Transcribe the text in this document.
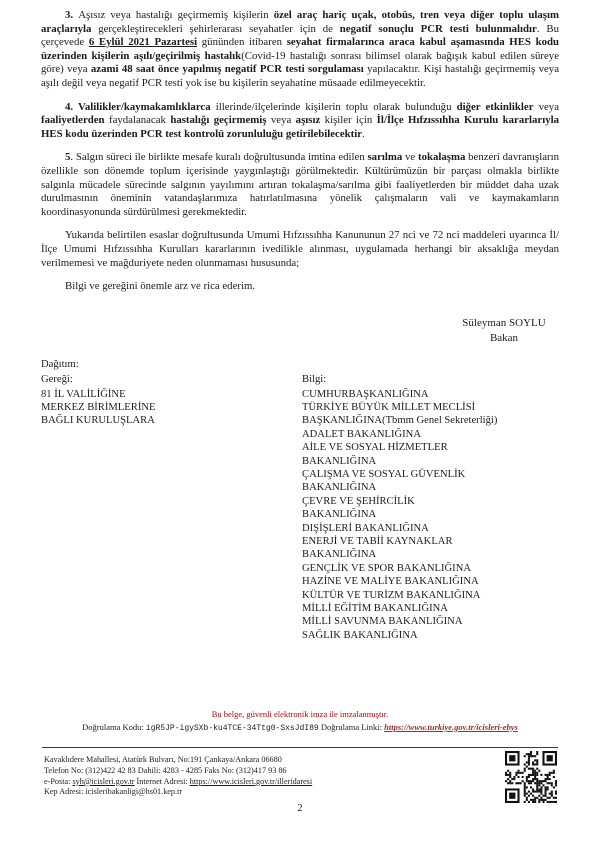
3. Aşısız veya hastalığı geçirmemiş kişilerin özel araç hariç uçak, otobüs, tren veya diğer toplu ulaşım araçlarıyla gerçekleştirecekleri şehirlerarası seyahatler için de negatif sonuçlu PCR testi bulunmalıdır. Bu çerçevede 6 Eylül 2021 Pazartesi gününden itibaren seyahat firmalarınca araca kabul aşamasında HES kodu üzerinden kişilerin aşılı/geçirilmiş hastalık(Covid-19 hastalığı sonrası bilimsel olarak bağışık kabul edilen süreye göre) veya azami 48 saat önce yapılmış negatif PCR testi sorgulaması yapılacaktır. Kişi hastalığı geçirmemiş veya aşılı değil veya negatif PCR testi yok ise bu kişilerin seyahatine müsaade edilmeyecektir.

4. Valilikler/kaymakamlıklarca illerinde/ilçelerinde kişilerin toplu olarak bulunduğu diğer etkinlikler veya faaliyetlerden faydalanacak hastalığı geçirmemiş veya aşısız kişiler için İl/İlçe Hıfzıssıhha Kurulu kararlarıyla HES kodu üzerinden PCR test kontrolü zorunluluğu getirilebilecektir.

5. Salgın süreci ile birlikte mesafe kuralı doğrultusunda imtina edilen sarılma ve tokalaşma benzeri davranışların özellikle son dönemde toplum içerisinde yaygınlaştığı görülmektedir. Kültürümüzün bir parçası olmakla birlikte salgınla mücadele sürecinde salgının yayılımını artıran tokalaşma/sarılma gibi faaliyetlerden bir müddet daha uzak durulmasının öneminin vatandaşlarımıza hatırlatılmasına yönelik çalışmaların vali ve kaymakamların koordinasyonunda sürdürülmesi gerekmektedir.

Yukarıda belirtilen esaslar doğrultusunda Umumi Hıfzıssıhha Kanununun 27 nci ve 72 nci maddeleri uyarınca İl/İlçe Umumi Hıfzıssıhha Kurulları kararlarının ivedilikle alınması, uygulamada herhangi bir aksaklığa meydan verilmemesi ve mağduriyete neden olunmaması hususunda;

Bilgi ve gereğini önemle arz ve rica ederim.

Süleyman SOYLU
Bakan
Dağıtım:
Gereği:
81 İL VALİLİĞİNE
MERKEZ BİRİMLERİNE
BAĞLI KURULUŞLARA
Bilgi:
CUMHURBAŞKANLIĞINA
TÜRKİYE BÜYÜK MİLLET MECLİSİ
BAŞKANLIĞINA(Tbmm Genel Sekreterliği)
ADALET BAKANLIĞINA
AİLE VE SOSYAL HİZMETLER
BAKANLIĞINA
ÇALIŞMA VE SOSYAL GÜVENLİK
BAKANLIĞINA
ÇEVRE VE ŞEHİRCİLİK
BAKANLIĞINA
DIŞİŞLERİ BAKANLIĞINA
ENERJİ VE TABİİ KAYNAKLAR
BAKANLIĞINA
GENÇLİK VE SPOR BAKANLIĞINA
HAZİNE VE MALİYE BAKANLIĞINA
KÜLTÜR VE TURİZM BAKANLIĞINA
MİLLİ EĞİTİM BAKANLIĞINA
MİLLİ SAVUNMA BAKANLIĞINA
SAĞLIK BAKANLIĞINA
Bu belge, güvenli elektronik imza ile imzalanmıştır.
Doğrulama Kodu: igR5JP-igySXb-ku4TCE-34Ttg0-SxsJdI89 Doğrulama Linki: https://www.turkiye.gov.tr/icisleri-ebys
Kavaklıdere Mahallesi, Atatürk Bulvarı, No:191 Çankaya/Ankara 06680
Telefon No: (312)422 42 83 Dahili: 4283 - 4285 Faks No: (312)417 93 86
e-Posta: syh@icisleri.gov.tr İnternet Adresi: https://www.icisleri.gov.tr/illeridaresi
Kep Adresi: icisleribakanligi@hs01.kep.tr
2
